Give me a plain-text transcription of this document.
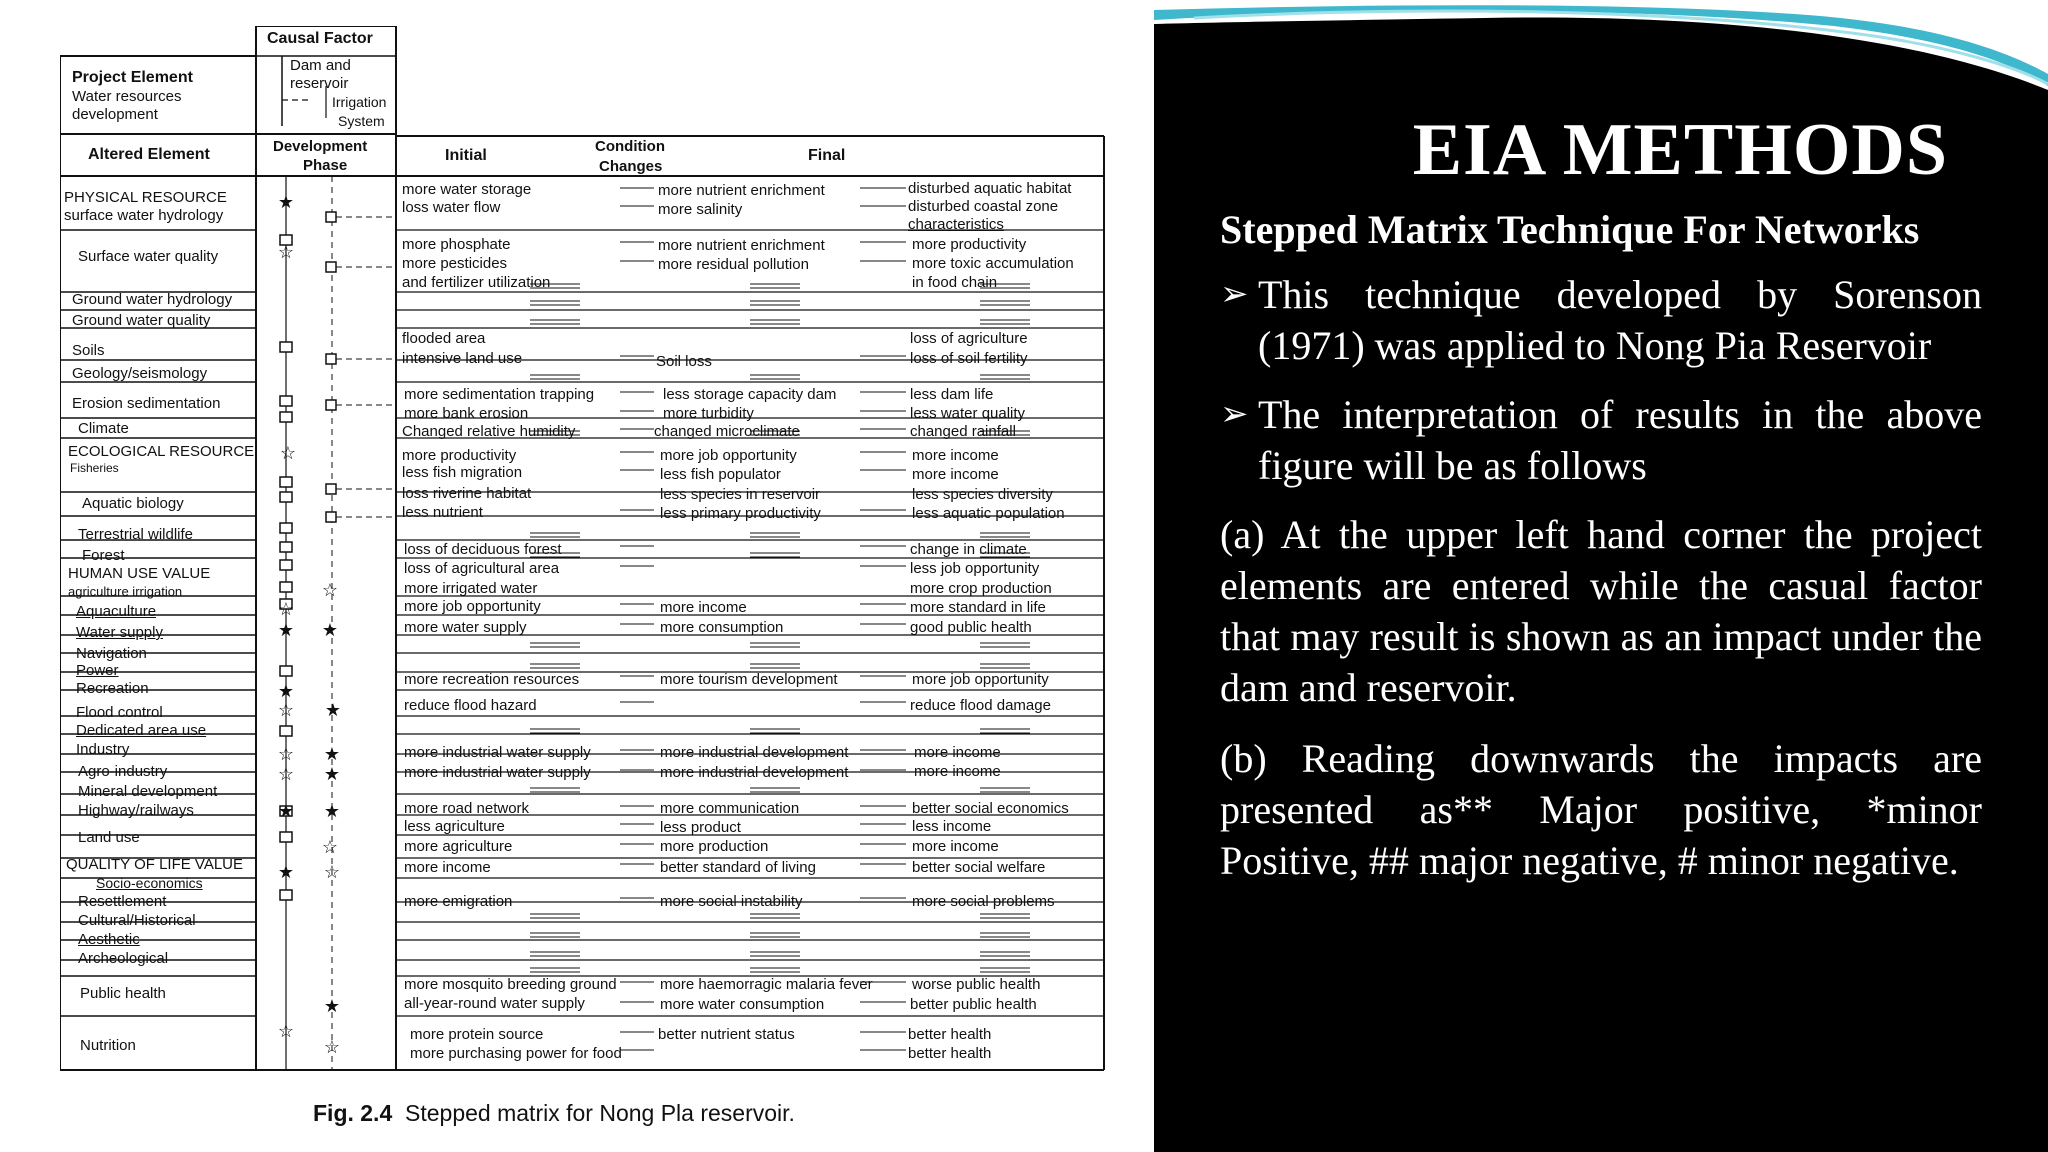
Causal Factor
Dam and
reservoir
Irrigation
System
Project Element
Water resources
development
Altered Element	Development
Phase
Initial
Condition
Changes
Final
PHYSICAL RESOURCE
surface water hydrology
Surface water quality
Ground water hydrology
Ground water quality
Soils
Geology/seismology
Erosion sedimentation
Climate
ECOLOGICAL RESOURCE
Fisheries
Aquatic biology
Terrestrial wildlife
Forest
HUMAN USE VALUE
agriculture irrigation
Aquaculture
Water supply
Navigation
Power
Recreation
Flood control
Dedicated area use
Industry
Agro-industry
Mineral development
Highway/railways
Land use
QUALITY OF LIFE VALUE
Socio-economics
Resettlement
Cultural/Historical
Aesthetic
Archeological
Public health
Nutrition
more water storage
loss water flow
more phosphate
more pesticides
and fertilizer utilization
flooded area
intensive land use
more sedimentation trapping
more bank erosion
Changed relative humidity
more productivity
less fish migration
loss riverine habitat
less nutrient
loss of deciduous forest
loss of agricultural area
more irrigated water
more job opportunity
more water supply
more recreation resources
reduce flood hazard
more industrial water supply
more industrial water supply
more road network
less agriculture
more agriculture
more income
more emigration
more mosquito breeding ground
all-year-round water supply
more protein source
more purchasing power for food
more nutrient enrichment
more salinity
more nutrient enrichment
more residual pollution
Soil loss
less storage capacity dam
more turbidity
changed microclimate
more job opportunity
less fish populator
less species in reservoir
less primary productivity
more income
more consumption
more tourism development
more industrial development
more industrial development
more communication
less product
more production
better standard of living
more social instability
more haemorragic malaria fever
more water consumption
better nutrient status
disturbed aquatic habitat
disturbed coastal zone
characteristics
more productivity
more toxic accumulation
in food chain
loss of agriculture
loss of soil fertility
less dam life
less water quality
changed rainfall
more income
more income
less species diversity
less aquatic population
change in climate
less job opportunity
more crop production
more standard in life
good public health
more job opportunity
reduce flood damage
more income
more income
better social economics
less income
more income
better social welfare
more social problems
worse public health
better public health
better health
better health
★
☆
☆
☆
☆
★ ★
★
☆ ★
☆ ★
☆ ★
★ ★
☆
★ ☆
★
☆
☆
Fig. 2.4 Stepped matrix for Nong Pla reservoir.
EIA METHODS
Stepped Matrix Technique For Networks
➢ This technique developed by Sorenson (1971) was applied to Nong Pia Reservoir
➢ The interpretation of results in the above figure will be as follows
(a) At the upper left hand corner the project elements are entered while the casual factor that may result is shown as an impact under the dam and reservoir.
(b) Reading downwards the impacts are presented as** Major positive, *minor Positive, ## major negative, # minor negative.
